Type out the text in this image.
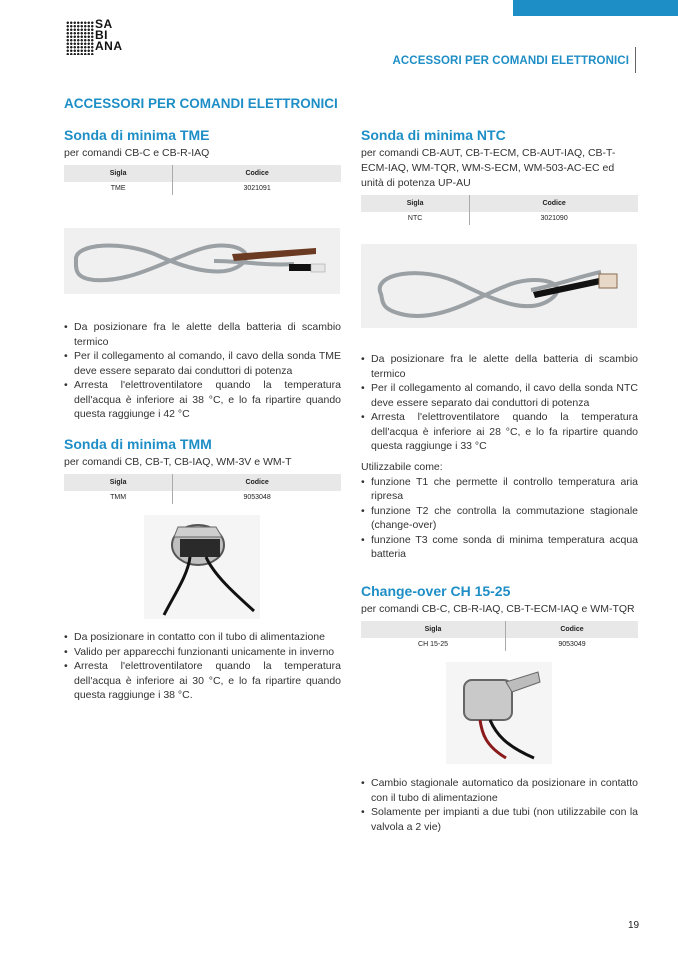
SA
BI
ANA
ACCESSORI PER COMANDI ELETTRONICI
ACCESSORI PER COMANDI ELETTRONICI
Sonda di minima TME
per comandi CB-C e CB-R-IAQ
Sigla	Codice
TME	3021091
• Da posizionare fra le alette della batteria di scambio termico
• Per il collegamento al comando, il cavo della sonda TME deve essere separato dai conduttori di potenza
• Arresta l'elettroventilatore quando la temperatura dell'acqua è inferiore ai 38 °C, e lo fa ripartire quando questa raggiunge i 42 °C
Sonda di minima TMM
per comandi CB, CB-T, CB-IAQ, WM-3V e WM-T
Sigla	Codice
TMM	9053048
• Da posizionare in contatto con il tubo di alimentazione
• Valido per apparecchi funzionanti unicamente in inverno
• Arresta l'elettroventilatore quando la temperatura dell'acqua è inferiore ai 30 °C, e lo fa ripartire quando questa raggiunge i 38 °C.
Sonda di minima NTC
per comandi CB-AUT, CB-T-ECM, CB-AUT-IAQ, CB-T-ECM-IAQ, WM-TQR, WM-S-ECM, WM-503-AC-EC ed unità di potenza UP-AU
Sigla	Codice
NTC	3021090
• Da posizionare fra le alette della batteria di scambio termico
• Per il collegamento al comando, il cavo della sonda NTC deve essere separato dai conduttori di potenza
• Arresta l'elettroventilatore quando la temperatura dell'acqua è inferiore ai 28 °C, e lo fa ripartire quando questa raggiunge i 33 °C
Utilizzabile come:
• funzione T1 che permette il controllo temperatura aria ripresa
• funzione T2 che controlla la commutazione stagionale (change-over)
• funzione T3 come sonda di minima temperatura acqua batteria
Change-over CH 15-25
per comandi CB-C, CB-R-IAQ, CB-T-ECM-IAQ e WM-TQR
Sigla	Codice
CH 15-25	9053049
• Cambio stagionale automatico da posizionare in contatto con il tubo di alimentazione
• Solamente per impianti a due tubi (non utilizzabile con la valvola a 2 vie)
19
